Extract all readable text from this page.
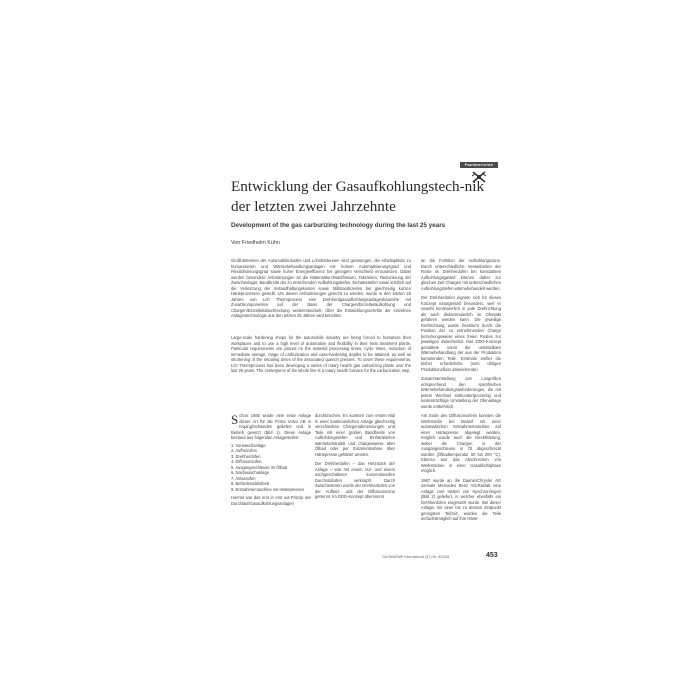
Fachberichte
Entwicklung der Gasaufkohlungstech-nik der letzten zwei Jahrzehnte
Development of the gas carburizing technology during the last 25 years
Von Friedhelm Kühn

Großhärtereien der Automobilindustrie und Lohnhärtereien sind gezwungen, die Arbeitsplätze zu humanisieren und Wärmebehandlungsanlagen mit hohem Automatisierungsgrad und Flexibilisierungsgrad sowie hoher Energieeffizienz bei geringem Verschleiß einzusetzen. Dabei werden besondere Anforderungen an die Materialdurchsatzflüssen, Taktzeiten, Reduzierung der Zwischenlager, Bandbreite der zu erreichenden Aufkohlungstiefen, Einhärtetiefen sowie letztlich auf die Verkürzung der Instandhaltungskosten sowie Stillstandszeiten bei gleichzeitig kurzen Härteprozessen gestellt. Um diesen Anforderungen gerecht zu werden, wurde in den letzten 25 Jahren von LOI Thermprocess eine Drehherdgasaufkohlungsanlagenbaureihe mit Zusatzkomponenten auf der Basis der Chargen/Einzelteilaufkohlung und Chargen/Einzelteilabschreckung weiterentwickelt. Über die Entwicklungsschritte der einzelnen Anlagentechnologie aus den letzten 25 Jahren wird berichtet.

Large-scale hardening shops for the automobile industry are being forced to humanize their workplaces and to use a high level of automation and flexibility in their heat treatment plants. Particular requirements are placed on the material processing times, cycle times, reduction of immediate storage, range of carburization and case-hardening depths to be attained, as well as shortening of the retooling times of the associated quench presses. To cover these requirements, LOI Thermprocess has been developing a series of rotary hearth gas carburizing plants over the last 25 years. The centerpiece of the whole line is a rotary hearth furnace for the carburization step.

an die Funktion der Aufkohlungszone. Durch unterschiedliche Verweilzeiten der Roste im Drehherdofen bei konstantem Aufkohlungsgasteil können daher zur gleichen Zeit Chargen mit unterschiedlichen Aufkohlungstiefen wärmebehandelt werden.

Der Drehherdofen eignete sich für dieses Konzept naturgemäß besonders, weil er sowohl kontinuierlich in jede Drehrichtung als auch diskontinuierlich im Ofentakt gefahren werden kann. Die jeweilige Drehrichtung wurde bestimmt durch die Position der zu entnehmenden Charge beziehungsweise eines freien Rostes zur jeweiligen Zwischentür. Das DDG-Konzept gestattete somit die unmittelbare Wärmebehandlung der aus der Produktion kommenden Teile. Erstmals entfiel die bisher erforderliche (vom übrigen Produktionsfluss abweichende)

Zusammenstellung von Losgrößen entsprechend den spezifischen Wärmebehandlungsanforderungen, die mit jedem Wechsel einhundertprozentig und kostenträchtige Umstellung der Ofenanlage wurde entbehrlich.

S chon 1985 wurde eine erste Anlage dieser Art für die Firma Volvo AB in Koping/Schweden geliefert und in Betrieb gesetzt (Bild 1). Diese Anlage bestand aus folgenden Anlagenteilen:
1. Vorwaschanlage
2. Aufheizofen
3. Drehherdofen
4. Diffusionsofen
5. Ausgangsschleuse im Ölbad
6. Nachwaschanlage
7. Anlassofen
8. Beförderaddistrieb
9. Entnahmemaschine mit Härtepressen
Hiermit war das erst in erst out-Prinzip der Durchlauf/Gasaufkohlungsanlagen

durchbrochen. Es konnten zum ersten Mal in einer kontinuierlichen Anlage gleichzeitig verschiedene Chargenabmessungen und Teile mit einer großen Bandbreite von Aufkohlungstiefen und Einhärtetiefen wärmebehandelt und chargenweise über Ölbad oder per Einzelentnahme über Härtepresse gehärtet werden.

Der Drehherdofen – das Herzstück der Anlage – war mit einem Vor- und einem nachgeschalteten konventionellen Durchstoßofen verknüpft. Durch Zwischentüren wurde der Drehherdofen von der Aufheiz- und der Diffusionszone getrennt. Im DDG-Konzept übernimmt

Am Ende des Diffusionsofens konnten die Werkstücke bei Bedarf mit einer automatischen Entnahmemaschine auf einer Härtepresse abgelegt werden, möglich wurde auch die Direkthärtung, wobei die Chargen in der Ausgangsschleuse in Öl abgeschreckt wurden (Ölbadtemperatur 60 bis 200 °C). Ebenso war das Abschrecken von Werkstücken in einer Gasabkühlphase möglich.

1987 wurde an die DaimlerChrysler AG vormals Mercedes Benz AG/Rastatt eine Anlage zum Härten von Synchronringen (Bild 2) geliefert, in welcher ebenfalls ein Drehherdofen eingesetzt wurde. Bei dieser Anlage, mit einer bis zu dessen Zeitpunkt geringsten Teilzeit, wurden die Teile einfachstmöglich auf ihre Härte-

GASWÄRME International (57) Nr. 6/2008	453
